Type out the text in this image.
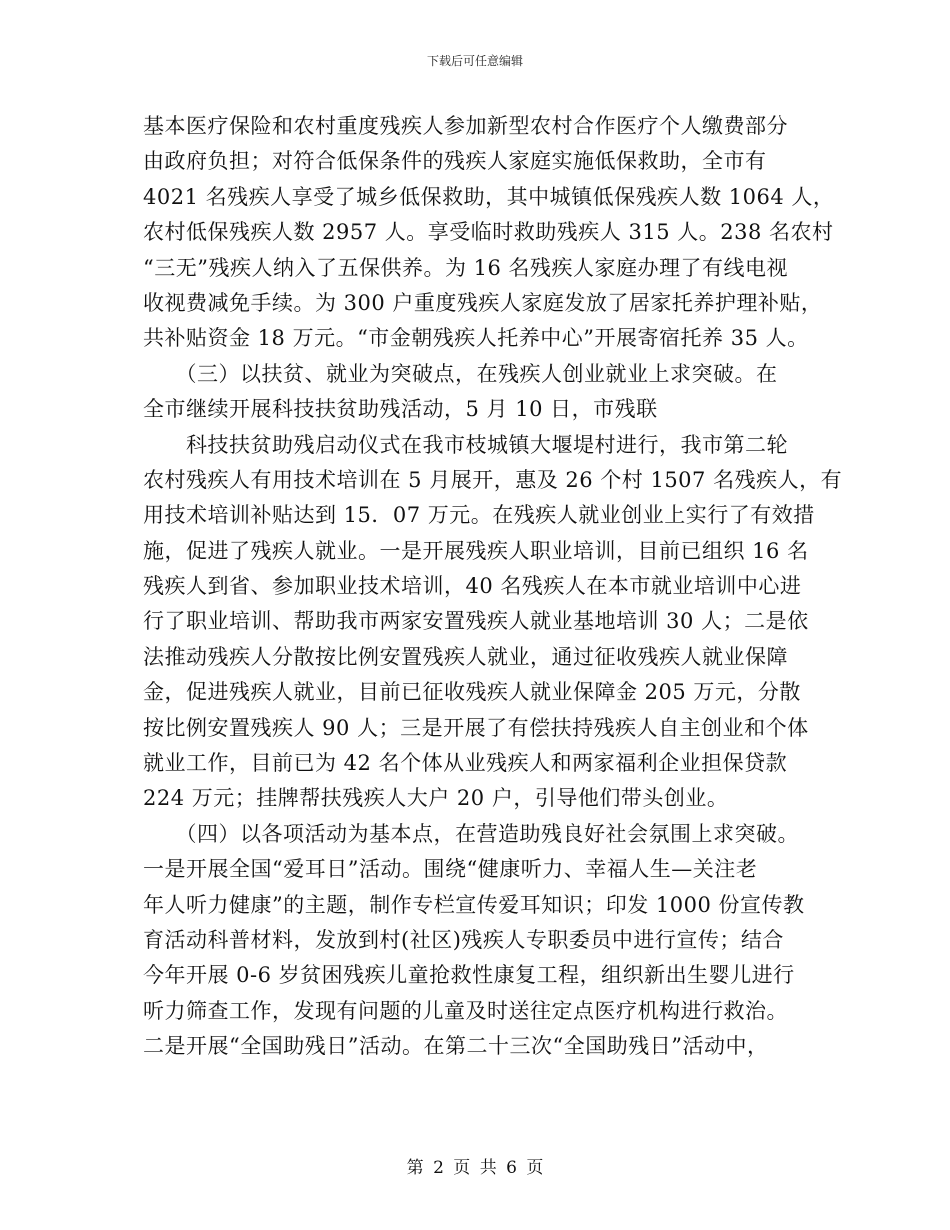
下载后可任意编辑
基本医疗保险和农村重度残疾人参加新型农村合作医疗个人缴费部分
由政府负担；对符合低保条件的残疾人家庭实施低保救助，全市有
4021 名残疾人享受了城乡低保救助，其中城镇低保残疾人数 1064 人，
农村低保残疾人数 2957 人。享受临时救助残疾人 315 人。238 名农村
“三无”残疾人纳入了五保供养。为 16 名残疾人家庭办理了有线电视
收视费减免手续。为 300 户重度残疾人家庭发放了居家托养护理补贴，
共补贴资金 18 万元。“市金朝残疾人托养中心”开展寄宿托养 35 人。
　　（三）以扶贫、就业为突破点，在残疾人创业就业上求突破。在
全市继续开展科技扶贫助残活动，5 月 10 日，市残联
　　科技扶贫助残启动仪式在我市枝城镇大堰堤村进行，我市第二轮
农村残疾人有用技术培训在 5 月展开，惠及 26 个村 1507 名残疾人，有
用技术培训补贴达到 15．07 万元。在残疾人就业创业上实行了有效措
施，促进了残疾人就业。一是开展残疾人职业培训，目前已组织 16 名
残疾人到省、参加职业技术培训，40 名残疾人在本市就业培训中心进
行了职业培训、帮助我市两家安置残疾人就业基地培训 30 人；二是依
法推动残疾人分散按比例安置残疾人就业，通过征收残疾人就业保障
金，促进残疾人就业，目前已征收残疾人就业保障金 205 万元，分散
按比例安置残疾人 90 人；三是开展了有偿扶持残疾人自主创业和个体
就业工作，目前已为 42 名个体从业残疾人和两家福利企业担保贷款
224 万元；挂牌帮扶残疾人大户 20 户，引导他们带头创业。
　　（四）以各项活动为基本点，在营造助残良好社会氛围上求突破。
一是开展全国“爱耳日”活动。围绕“健康听力、幸福人生—关注老
年人听力健康”的主题，制作专栏宣传爱耳知识；印发 1000 份宣传教
育活动科普材料，发放到村(社区)残疾人专职委员中进行宣传；结合
今年开展 0-6 岁贫困残疾儿童抢救性康复工程，组织新出生婴儿进行
听力筛查工作，发现有问题的儿童及时送往定点医疗机构进行救治。
二是开展“全国助残日”活动。在第二十三次“全国助残日”活动中，
第 2 页 共 6 页
